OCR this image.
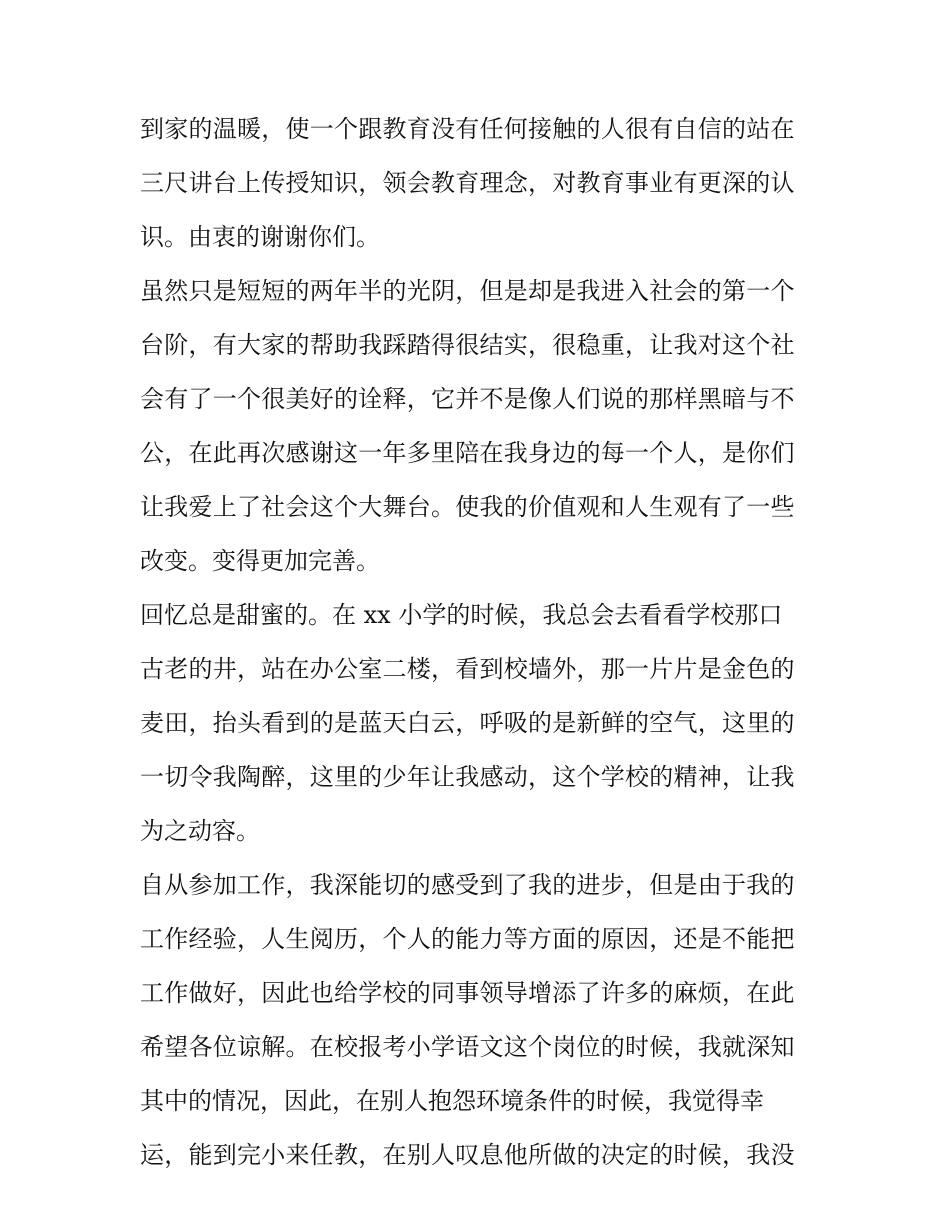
到家的温暖，使一个跟教育没有任何接触的人很有自信的站在
三尺讲台上传授知识，领会教育理念，对教育事业有更深的认
识。由衷的谢谢你们。
虽然只是短短的两年半的光阴，但是却是我进入社会的第一个
台阶，有大家的帮助我踩踏得很结实，很稳重，让我对这个社
会有了一个很美好的诠释，它并不是像人们说的那样黑暗与不
公，在此再次感谢这一年多里陪在我身边的每一个人，是你们
让我爱上了社会这个大舞台。使我的价值观和人生观有了一些
改变。变得更加完善。
回忆总是甜蜜的。在 xx 小学的时候，我总会去看看学校那口
古老的井，站在办公室二楼，看到校墙外，那一片片是金色的
麦田，抬头看到的是蓝天白云，呼吸的是新鲜的空气，这里的
一切令我陶醉，这里的少年让我感动，这个学校的精神，让我
为之动容。
自从参加工作，我深能切的感受到了我的进步，但是由于我的
工作经验，人生阅历，个人的能力等方面的原因，还是不能把
工作做好，因此也给学校的同事领导增添了许多的麻烦，在此
希望各位谅解。在校报考小学语文这个岗位的时候，我就深知
其中的情况，因此，在别人抱怨环境条件的时候，我觉得幸
运，能到完小来任教，在别人叹息他所做的决定的时候，我没
